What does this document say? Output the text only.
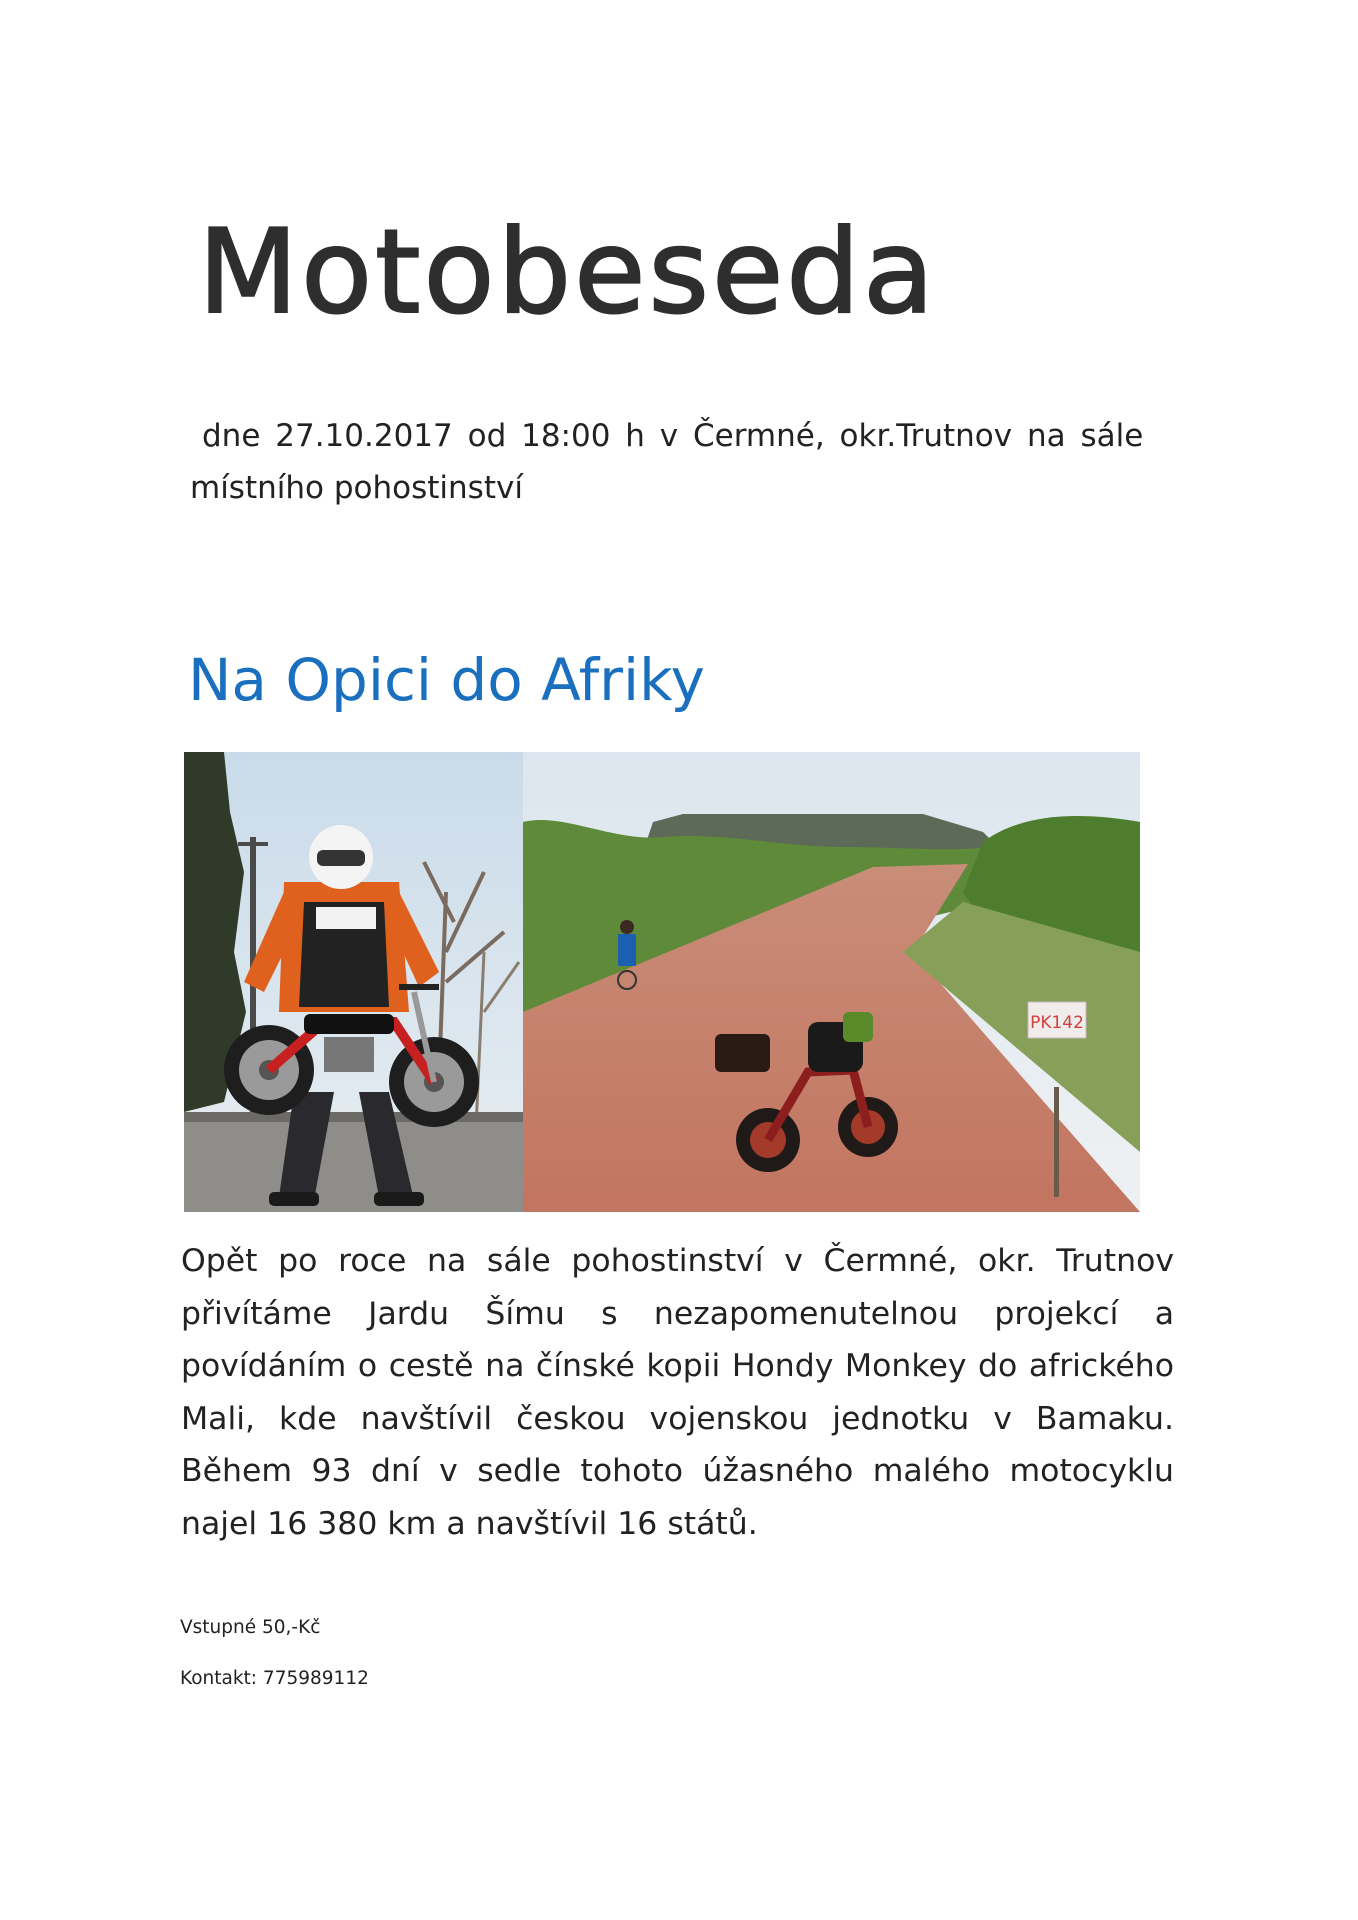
Motobeseda

dne 27.10.2017 od 18:00 h v Čermné, okr.Trutnov na sále
místního pohostinství

Na Opici do Afriky
PK142

Opět po roce na sále pohostinství v Čermné, okr. Trutnov přivítáme Jardu Šímu s nezapomenutelnou projekcí a povídáním o cestě na čínské kopii Hondy Monkey do afrického Mali, kde navštívil českou vojenskou jednotku v Bamaku. Během 93 dní v sedle tohoto úžasného malého motocyklu najel 16 380 km a navštívil 16 států.

Vstupné 50,-Kč

Kontakt: 775989112
